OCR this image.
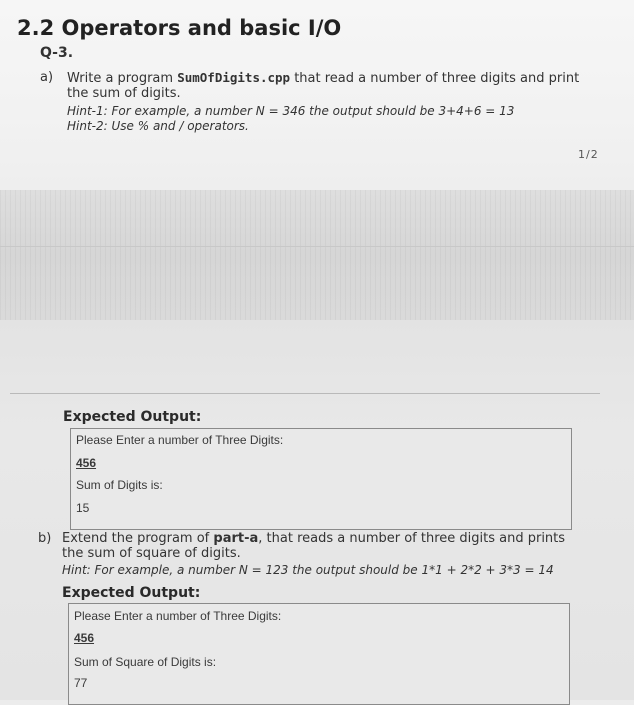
2.2 Operators and basic I/O
Q-3.
a) Write a program SumOfDigits.cpp that read a number of three digits and print
the sum of digits.
Hint-1: For example, a number N = 346 the output should be 3+4+6 = 13
Hint-2: Use % and / operators.
1/2
Expected Output:
Please Enter a number of Three Digits:
456
Sum of Digits is:
15
b) Extend the program of part-a, that reads a number of three digits and prints
the sum of square of digits.
Hint: For example, a number N = 123 the output should be 1*1 + 2*2 + 3*3 = 14
Expected Output:
Please Enter a number of Three Digits:
456
Sum of Square of Digits is:
77
